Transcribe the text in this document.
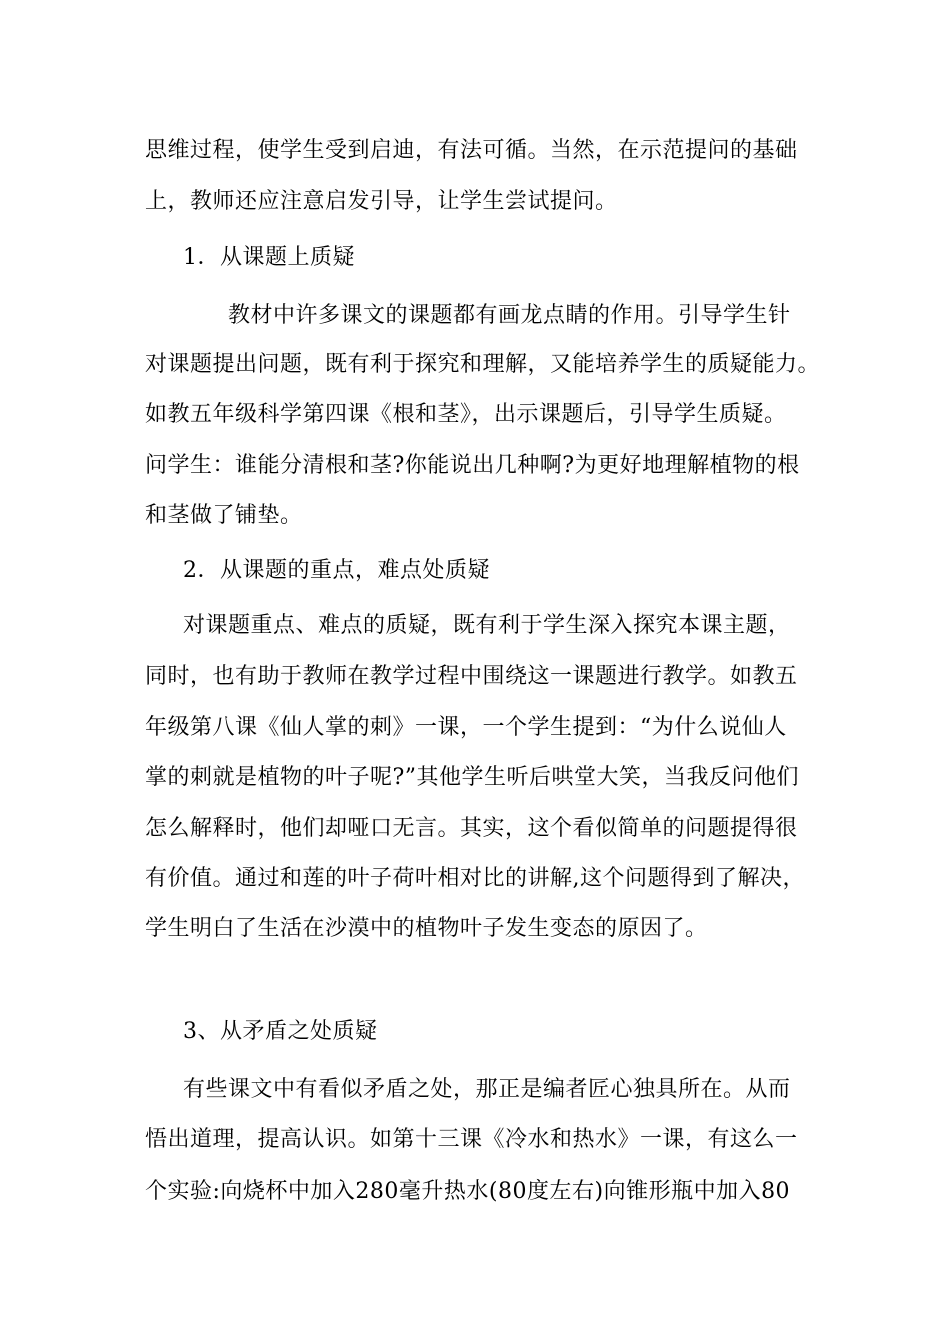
思维过程，使学生受到启迪，有法可循。当然，在示范提问的基础
上，教师还应注意启发引导，让学生尝试提问。
1．从课题上质疑
教材中许多课文的课题都有画龙点睛的作用。引导学生针
对课题提出问题，既有利于探究和理解，又能培养学生的质疑能力。
如教五年级科学第四课《根和茎》，出示课题后，引导学生质疑。
问学生：谁能分清根和茎?你能说出几种啊?为更好地理解植物的根
和茎做了铺垫。
2．从课题的重点，难点处质疑
对课题重点、难点的质疑，既有利于学生深入探究本课主题，
同时，也有助于教师在教学过程中围绕这一课题进行教学。如教五
年级第八课《仙人掌的刺》一课，一个学生提到：“为什么说仙人
掌的刺就是植物的叶子呢?”其他学生听后哄堂大笑，当我反问他们
怎么解释时，他们却哑口无言。其实，这个看似简单的问题提得很
有价值。通过和莲的叶子荷叶相对比的讲解,这个问题得到了解决，
学生明白了生活在沙漠中的植物叶子发生变态的原因了。
3、从矛盾之处质疑
有些课文中有看似矛盾之处，那正是编者匠心独具所在。从而
悟出道理，提高认识。如第十三课《冷水和热水》一课，有这么一
个实验:向烧杯中加入280毫升热水(80度左右)向锥形瓶中加入80
